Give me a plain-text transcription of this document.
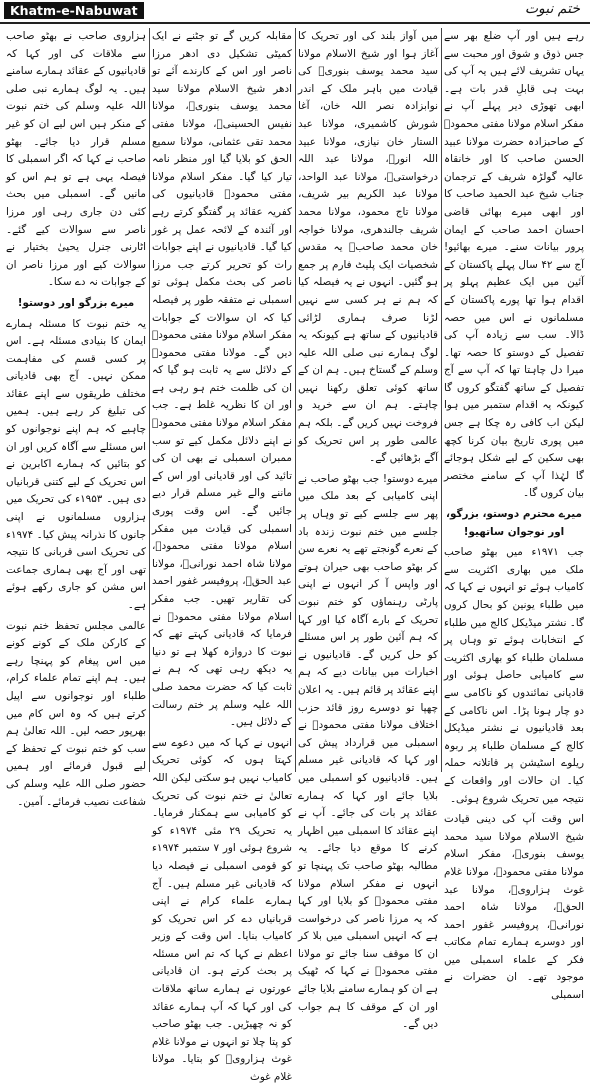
Khatm-e-Nabuwat	ختم نبوت

رہے ہیں اور آپ ضلع بھر سے جس ذوق و شوق اور محبت سے یہاں تشریف لائے ہیں یہ آپ کی بہت ہی قابلِ قدر بات ہے۔ ابھی تھوڑی دیر پہلے آپ نے مفکر اسلام مولانا مفتی محمودؒ کے صاحبزادہ حضرت مولانا عبید الحسن صاحب کا اور خانقاہ عالیہ گولڑہ شریف کے ترجمان جناب شیخ عبد الحمید صاحب کا اور ابھی میرے بھائی قاضی احسان احمد صاحب کے ایمان پرور بیانات سنے۔ میرے بھائیو! آج سے ۴۲ سال پہلے پاکستان کے آئین میں ایک عظیم پہلو پر اقدام ہوا تھا پورے پاکستان کے مسلمانوں نے اس میں حصہ ڈالا۔ سب سے زیادہ آپ کی تفصیل کے دوستو کا حصہ تھا۔ میرا دل چاہتا تھا کہ آپ سے آج تفصیل کے ساتھ گفتگو کروں گا کیونکہ یہ اقدام ستمبر میں ہوا لیکن اب کافی رہ چکا ہے جس میں پوری تاریخ بیان کرنا کچھ بھی سکین کے لیے شکل ہوجائے گا لہٰذا آپ کے سامنے مختصر بیان کروں گا۔

میرے محترم دوستو، بزرگو، اور نوجوان ساتھیو!

جب ۱۹۷۱ء میں بھٹو صاحب ملک میں بھاری اکثریت سے کامیاب ہوئے تو انہوں نے کہا کہ میں طلباء یونین کو بحال کروں گا۔ نشتر میڈیکل کالج میں طلباء کے انتخابات ہوئے تو وہاں پر مسلمان طلباء کو بھاری اکثریت سے کامیابی حاصل ہوئی اور قادیانی نمائندوں کو ناکامی سے دو چار ہونا پڑا۔ اس ناکامی کے بعد قادیانیوں نے نشتر میڈیکل کالج کے مسلمان طلباء پر ربوہ ریلوے اسٹیشن پر قاتلانہ حملہ کیا۔ ان حالات اور واقعات کے نتیجہ میں تحریک شروع ہوئی۔

اس وقت آپ کی دینی قیادت شیخ الاسلام مولانا سید محمد یوسف بنوریؒ، مفکر اسلام مولانا مفتی محمودؒ، مولانا غلام غوث ہزارویؒ، مولانا عبد الحقؒ، مولانا شاہ احمد نورانیؒ، پروفیسر غفور احمد اور دوسرے ہمارے تمام مکاتب فکر کے علماء اسمبلی میں موجود تھے۔ ان حضرات نے اسمبلی

میں آواز بلند کی اور تحریک کا آغاز ہوا اور شیخ الاسلام مولانا سید محمد یوسف بنوریؒ کی قیادت میں باہر ملک کے اندر نوابزادہ نصر اللہ خان، آغا شورش کاشمیری، مولانا عبد الستار خان نیازی، مولانا عبید اللہ انورؒ، مولانا عبد اللہ درخواستیؒ، مولانا عبد الواحد، مولانا عبد الکریم بیر شریف، مولانا تاج محمود، مولانا محمد شریف جالندھری، مولانا خواجہ خان محمد صاحبؒ یہ مقدس شخصیات ایک پلیٹ فارم پر جمع ہو گئیں۔ انہوں نے یہ فیصلہ کیا کہ ہم نے ہر کسی سے نہیں لڑنا صرف ہماری لڑائی قادیانیوں کے ساتھ ہے کیونکہ یہ لوگ ہمارے نبی صلی اللہ علیہ وسلم کے گستاخ ہیں۔ ہم ان کے ساتھ کوئی تعلق رکھنا نہیں چاہتے۔ ہم ان سے خرید و فروخت نہیں کریں گے۔ بلکہ ہم عالمی طور پر اس تحریک کو آگے بڑھائیں گے۔

میرے دوستو! جب بھٹو صاحب نے اپنی کامیابی کے بعد ملک میں پھر سے جلسے کیے تو وہاں پر جلسے میں ختم نبوت زندہ باد کے نعرے گونجتے تھے یہ نعرے سن کر بھٹو صاحب بھی حیران ہوتے اور واپس آ کر انہوں نے اپنی پارٹی رہنماؤں کو ختم نبوت تحریک کے بارے آگاہ کیا اور کہا کہ ہم آئین طور پر اس مسئلے کو حل کریں گے۔ قادیانیوں نے اخبارات میں بیانات دیے کہ ہم اپنے عقائد پر قائم ہیں۔ یہ اعلان چھپا تو دوسرے روز قائد حزب اختلاف مولانا مفتی محمودؒ نے اسمبلی میں قرارداد پیش کی اور کہا کہ قادیانی غیر مسلم ہیں۔ قادیانیوں کو اسمبلی میں بلایا جائے اور کہا کہ ہمارے عقائد پر بات کی جائے۔ آپ نے اپنے عقائد کا اسمبلی میں اظہار کرنے کا موقع دیا جائے۔ یہ مطالبہ بھٹو صاحب تک پہنچا تو انہوں نے مفکر اسلام مولانا مفتی محمودؒ کو بلایا اور کہا کہ یہ مرزا ناصر کی درخواست ہے کہ انہیں اسمبلی میں بلا کر ان کا موقف سنا جائے تو مولانا مفتی محمودؒ نے کہا کہ ٹھیک ہے ان کو ہمارے سامنے بلایا جائے اور ان کے موقف کا ہم جواب دیں گے۔

مقابلہ کریں گے تو جٹنے نے ایک کمیٹی تشکیل دی ادھر مرزا ناصر اور اس کے کارندے آئے تو ادھر شیخ الاسلام مولانا سید محمد یوسف بنوریؒ، مولانا نفیس الحسینیؒ، مولانا مفتی محمد تقی عثمانی، مولانا سمیع الحق کو بلایا گیا اور منظر نامہ تیار کیا گیا۔ مفکر اسلام مولانا مفتی محمودؒ قادیانیوں کی کفریہ عقائد پر گفتگو کرتے رہے اور آئندہ کے لائحہ عمل پر غور کیا گیا۔ قادیانیوں نے اپنے جوابات رات کو تحریر کرتے جب مرزا ناصر کی بحث مکمل ہوئی تو اسمبلی نے متفقہ طور پر فیصلہ کیا کہ ان سوالات کے جوابات مفکر اسلام مولانا مفتی محمودؒ دیں گے۔ مولانا مفتی محمودؒ کے دلائل سے یہ ثابت ہو گیا کہ ان کی ظلمت ختم ہو رہی ہے اور ان کا نظریہ غلط ہے۔ جب مفکر اسلام مولانا مفتی محمودؒ نے اپنے دلائل مکمل کیے تو سب ممبران اسمبلی نے بھی ان کی تائید کی اور قادیانی اور اس کے ماننے والے غیر مسلم قرار دیے جائیں گے۔ اس وقت پوری اسمبلی کی قیادت میں مفکر اسلام مولانا مفتی محمودؒ، مولانا شاہ احمد نورانیؒ، مولانا عبد الحقؒ، پروفیسر غفور احمد کی تقاریر تھیں۔ جب مفکر اسلام مولانا مفتی محمودؒ نے فرمایا کہ قادیانی کہتے تھے کہ نبوت کا دروازہ کھلا ہے تو دنیا یہ دیکھ رہی تھی کہ ہم نے ثابت کیا کہ حضرت محمد صلی اللہ علیہ وسلم پر ختم رسالت کے دلائل ہیں۔

انہوں نے کہا کہ میں دعوے سے کہتا ہوں کہ کوئی تحریک کامیاب نہیں ہو سکتی لیکن اللہ تعالیٰ نے ختم نبوت کی تحریک کو کامیابی سے ہمکنار فرمایا۔ یہ تحریک ۲۹ مئی ۱۹۷۴ء کو شروع ہوئی اور ۷ ستمبر ۱۹۷۴ء کو قومی اسمبلی نے فیصلہ دیا کہ قادیانی غیر مسلم ہیں۔ آج ہمارے علماء کرام نے اپنی قربانیاں دے کر اس تحریک کو کامیاب بنایا۔ اس وقت کے وزیر اعظم نے کہا کہ تم اس مسئلہ پر بحث کرتے ہو۔ ان قادیانی عورتوں نے ہمارے ساتھ ملاقات کی اور کہا کہ آپ ہمارے عقائد کو نہ چھیڑیں۔ جب بھٹو صاحب کو پتا چلا تو انہوں نے مولانا غلام غوث ہزارویؒ کو بتایا۔ مولانا غلام غوث

ہزاروی صاحب نے بھٹو صاحب سے ملاقات کی اور کہا کہ قادیانیوں کے عقائد ہمارے سامنے ہیں۔ یہ لوگ ہمارے نبی صلی اللہ علیہ وسلم کی ختم نبوت کے منکر ہیں اس لیے ان کو غیر مسلم قرار دیا جائے۔ بھٹو صاحب نے کہا کہ اگر اسمبلی کا فیصلہ یہی ہے تو ہم اس کو مانیں گے۔ اسمبلی میں بحث کئی دن جاری رہی اور مرزا ناصر سے سوالات کیے گئے۔ اٹارنی جنرل یحییٰ بختیار نے سوالات کیے اور مرزا ناصر ان کے جوابات نہ دے سکا۔

میرے بزرگو اور دوستو!

یہ ختم نبوت کا مسئلہ ہمارے ایمان کا بنیادی مسئلہ ہے۔ اس پر کسی قسم کی مفاہمت ممکن نہیں۔ آج بھی قادیانی مختلف طریقوں سے اپنے عقائد کی تبلیغ کر رہے ہیں۔ ہمیں چاہیے کہ ہم اپنے نوجوانوں کو اس مسئلے سے آگاہ کریں اور ان کو بتائیں کہ ہمارے اکابرین نے اس تحریک کے لیے کتنی قربانیاں دی ہیں۔ ۱۹۵۳ء کی تحریک میں ہزاروں مسلمانوں نے اپنی جانوں کا نذرانہ پیش کیا۔ ۱۹۷۴ء کی تحریک اسی قربانی کا نتیجہ تھی اور آج بھی ہماری جماعت اس مشن کو جاری رکھے ہوئے ہے۔

عالمی مجلس تحفظ ختم نبوت کے کارکن ملک کے کونے کونے میں اس پیغام کو پہنچا رہے ہیں۔ ہم اپنے تمام علماء کرام، طلباء اور نوجوانوں سے اپیل کرتے ہیں کہ وہ اس کام میں بھرپور حصہ لیں۔ اللہ تعالیٰ ہم سب کو ختم نبوت کے تحفظ کے لیے قبول فرمائے اور ہمیں حضور صلی اللہ علیہ وسلم کی شفاعت نصیب فرمائے۔ آمین۔
